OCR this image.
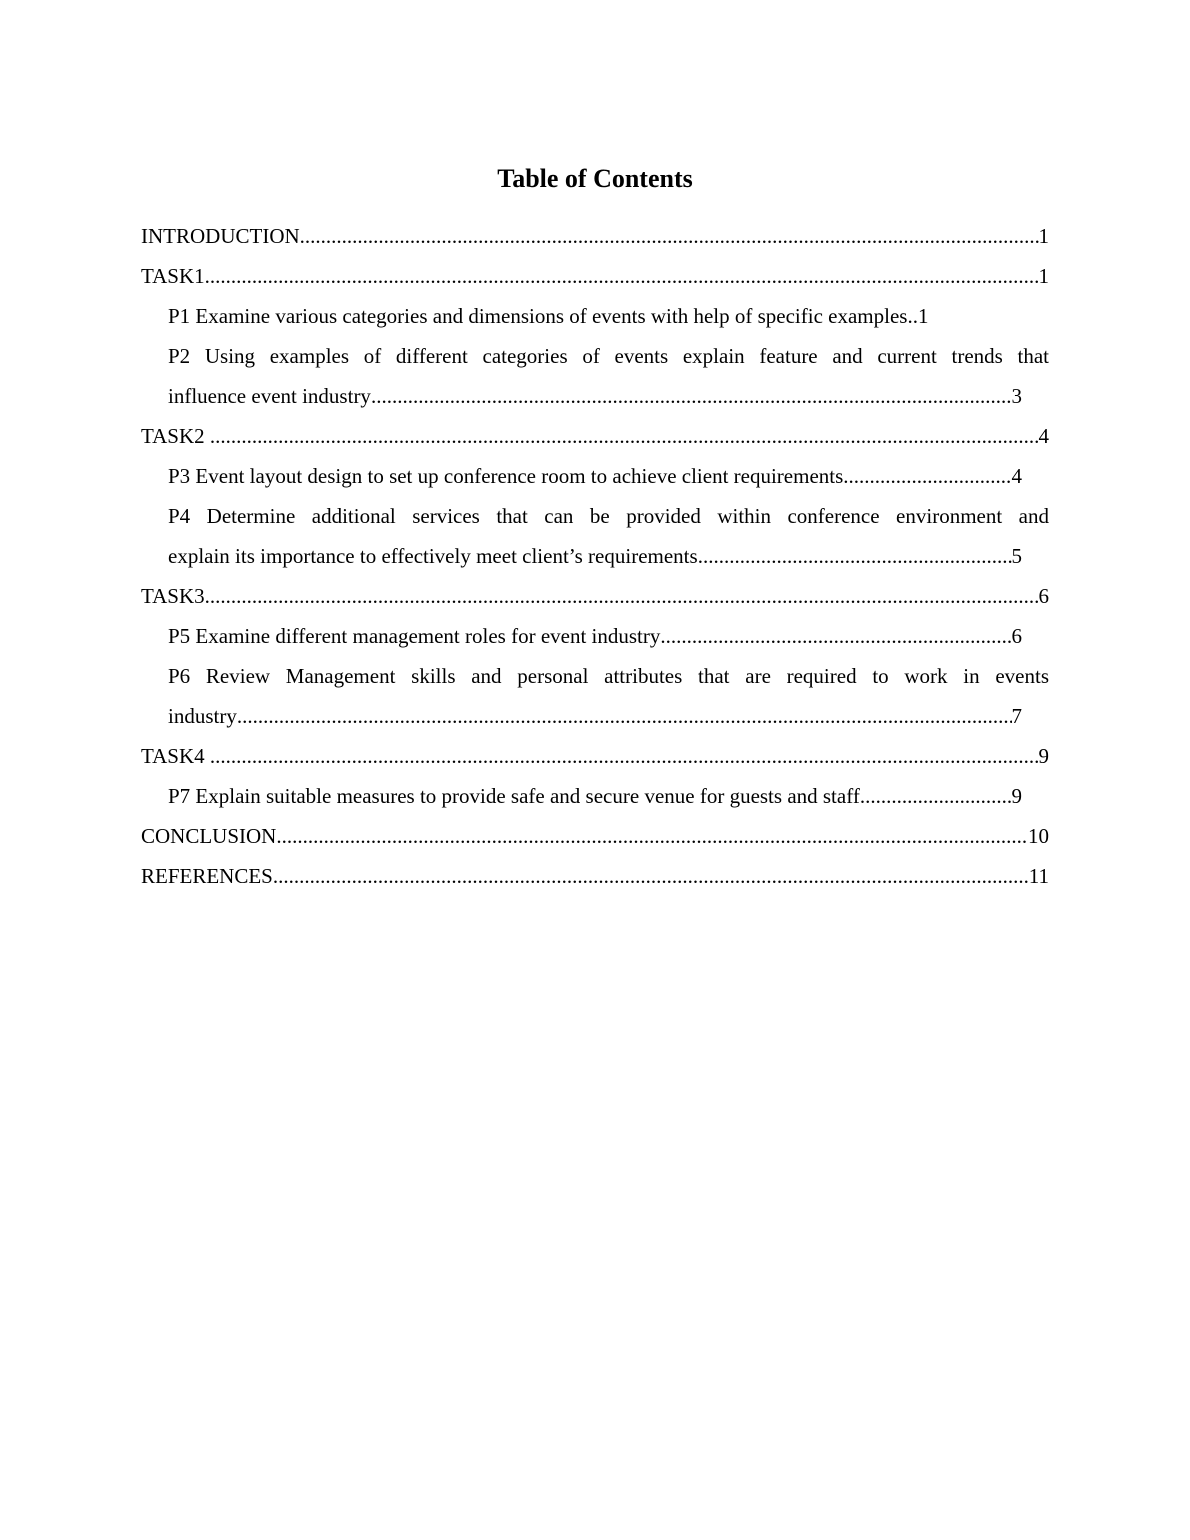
Table of Contents
INTRODUCTION .....	1
TASK1 .....	1
P1 Examine various categories and dimensions of events with help of specific examples. .1
P2 Using examples of different categories of events explain feature and current trends that
influence event industry .....	3
TASK2 .....	4
P3 Event layout design to set up conference room to achieve client requirements .....	4
P4 Determine additional services that can be provided within conference environment and
explain its importance to effectively meet client’s requirements .....	5
TASK3 .....	6
P5 Examine different management roles for event industry .....	6
P6 Review Management skills and personal attributes that are required to work in events
industry .....	7
TASK4 .....	9
P7 Explain suitable measures to provide safe and secure venue for guests and staff .....	9
CONCLUSION .....	10
REFERENCES .....	11
